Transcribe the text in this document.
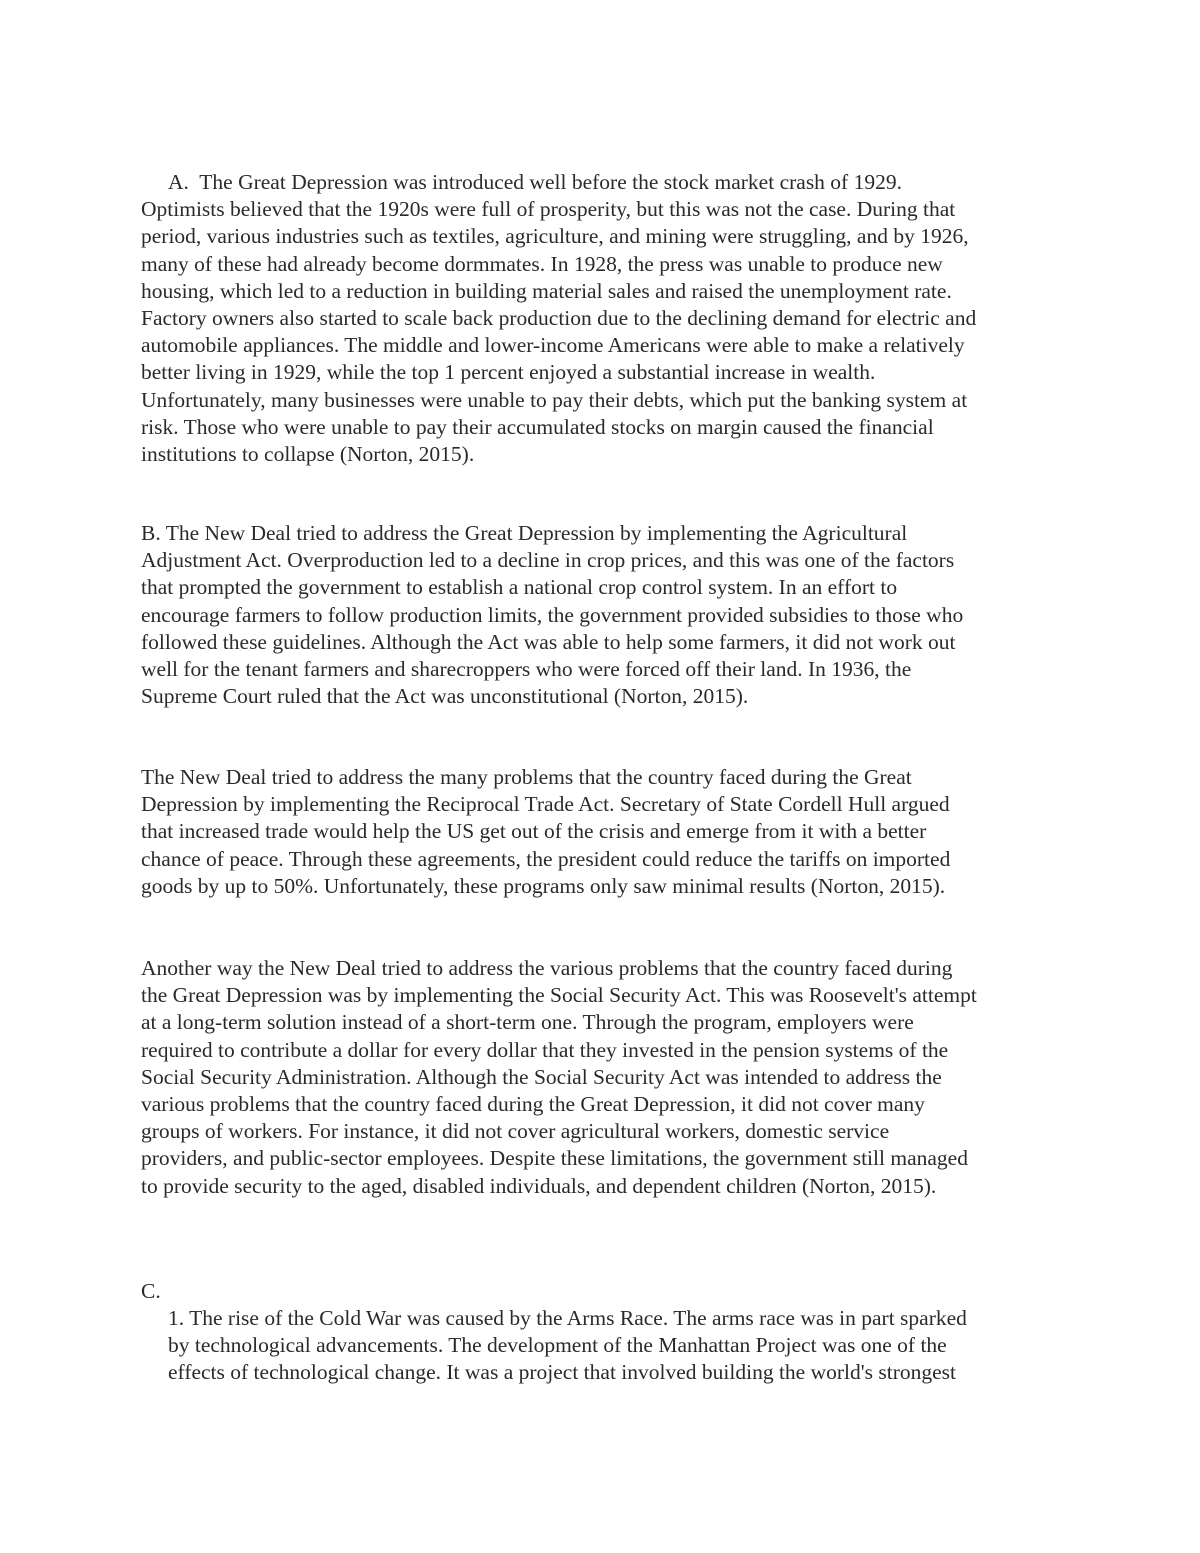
A. The Great Depression was introduced well before the stock market crash of 1929.
Optimists believed that the 1920s were full of prosperity, but this was not the case. During that
period, various industries such as textiles, agriculture, and mining were struggling, and by 1926,
many of these had already become dormmates. In 1928, the press was unable to produce new
housing, which led to a reduction in building material sales and raised the unemployment rate.
Factory owners also started to scale back production due to the declining demand for electric and
automobile appliances. The middle and lower-income Americans were able to make a relatively
better living in 1929, while the top 1 percent enjoyed a substantial increase in wealth.
Unfortunately, many businesses were unable to pay their debts, which put the banking system at
risk. Those who were unable to pay their accumulated stocks on margin caused the financial
institutions to collapse (Norton, 2015).
B. The New Deal tried to address the Great Depression by implementing the Agricultural
Adjustment Act. Overproduction led to a decline in crop prices, and this was one of the factors
that prompted the government to establish a national crop control system. In an effort to
encourage farmers to follow production limits, the government provided subsidies to those who
followed these guidelines. Although the Act was able to help some farmers, it did not work out
well for the tenant farmers and sharecroppers who were forced off their land. In 1936, the
Supreme Court ruled that the Act was unconstitutional (Norton, 2015).
The New Deal tried to address the many problems that the country faced during the Great
Depression by implementing the Reciprocal Trade Act. Secretary of State Cordell Hull argued
that increased trade would help the US get out of the crisis and emerge from it with a better
chance of peace. Through these agreements, the president could reduce the tariffs on imported
goods by up to 50%. Unfortunately, these programs only saw minimal results (Norton, 2015).
Another way the New Deal tried to address the various problems that the country faced during
the Great Depression was by implementing the Social Security Act. This was Roosevelt's attempt
at a long-term solution instead of a short-term one. Through the program, employers were
required to contribute a dollar for every dollar that they invested in the pension systems of the
Social Security Administration. Although the Social Security Act was intended to address the
various problems that the country faced during the Great Depression, it did not cover many
groups of workers. For instance, it did not cover agricultural workers, domestic service
providers, and public-sector employees. Despite these limitations, the government still managed
to provide security to the aged, disabled individuals, and dependent children (Norton, 2015).

C.

1. The rise of the Cold War was caused by the Arms Race. The arms race was in part sparked
by technological advancements. The development of the Manhattan Project was one of the
effects of technological change. It was a project that involved building the world's strongest
